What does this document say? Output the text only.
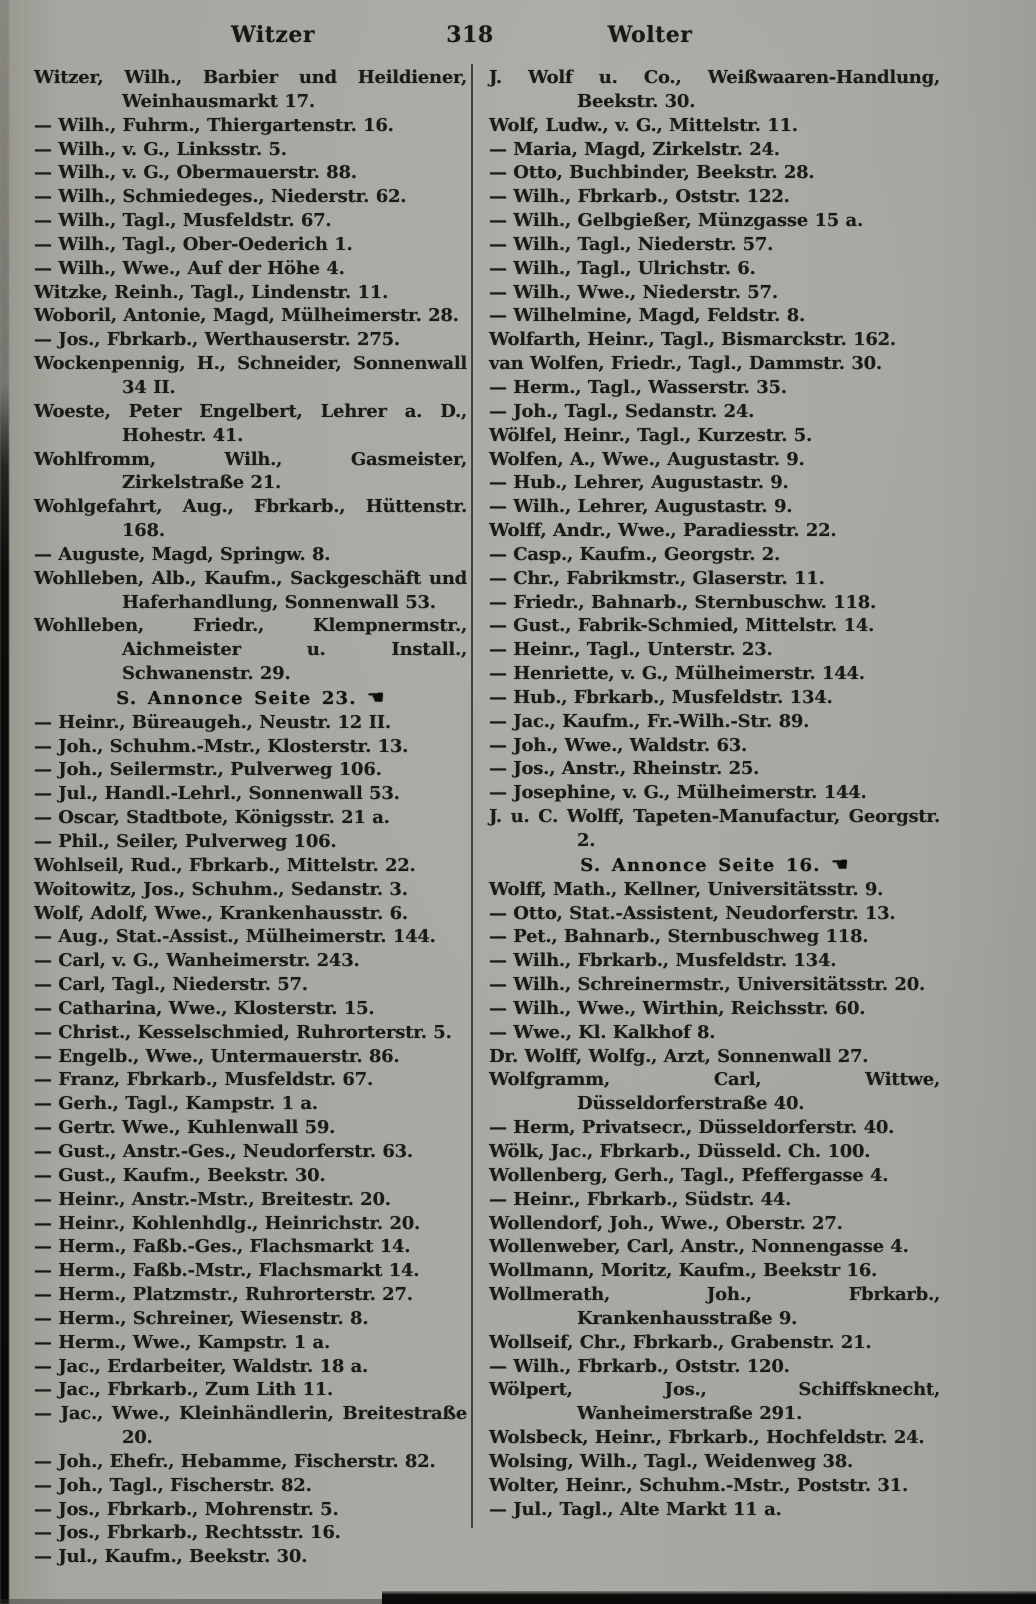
Witzer	318	Wolter
Witzer, Wilh., Barbier und Heildiener, Weinhausmarkt 17.
— Wilh., Fuhrm., Thiergartenstr. 16.
— Wilh., v. G., Linksstr. 5.
— Wilh., v. G., Obermauerstr. 88.
— Wilh., Schmiedeges., Niederstr. 62.
— Wilh., Tagl., Musfeldstr. 67.
— Wilh., Tagl., Ober-Oederich 1.
— Wilh., Wwe., Auf der Höhe 4.
Witzke, Reinh., Tagl., Lindenstr. 11.
Woboril, Antonie, Magd, Mülheimerstr. 28.
— Jos., Fbrkarb., Werthauserstr. 275.
Wockenpennig, H., Schneider, Sonnenwall 34 II.
Woeste, Peter Engelbert, Lehrer a. D., Hohestr. 41.
Wohlfromm, Wilh., Gasmeister, Zirkelstraße 21.
Wohlgefahrt, Aug., Fbrkarb., Hüttenstr. 168.
— Auguste, Magd, Springw. 8.
Wohlleben, Alb., Kaufm., Sackgeschäft und Haferhandlung, Sonnenwall 53.
Wohlleben, Friedr., Klempnermstr., Aichmeister u. Install., Schwanenstr. 29.
S. Annonce Seite 23. ☚
— Heinr., Büreaugeh., Neustr. 12 II.
— Joh., Schuhm.-Mstr., Klosterstr. 13.
— Joh., Seilermstr., Pulverweg 106.
— Jul., Handl.-Lehrl., Sonnenwall 53.
— Oscar, Stadtbote, Königsstr. 21 a.
— Phil., Seiler, Pulverweg 106.
Wohlseil, Rud., Fbrkarb., Mittelstr. 22.
Woitowitz, Jos., Schuhm., Sedanstr. 3.
Wolf, Adolf, Wwe., Krankenhausstr. 6.
— Aug., Stat.-Assist., Mülheimerstr. 144.
— Carl, v. G., Wanheimerstr. 243.
— Carl, Tagl., Niederstr. 57.
— Catharina, Wwe., Klosterstr. 15.
— Christ., Kesselschmied, Ruhrorterstr. 5.
— Engelb., Wwe., Untermauerstr. 86.
— Franz, Fbrkarb., Musfeldstr. 67.
— Gerh., Tagl., Kampstr. 1 a.
— Gertr. Wwe., Kuhlenwall 59.
— Gust., Anstr.-Ges., Neudorferstr. 63.
— Gust., Kaufm., Beekstr. 30.
— Heinr., Anstr.-Mstr., Breitestr. 20.
— Heinr., Kohlenhdlg., Heinrichstr. 20.
— Herm., Faßb.-Ges., Flachsmarkt 14.
— Herm., Faßb.-Mstr., Flachsmarkt 14.
— Herm., Platzmstr., Ruhrorterstr. 27.
— Herm., Schreiner, Wiesenstr. 8.
— Herm., Wwe., Kampstr. 1 a.
— Jac., Erdarbeiter, Waldstr. 18 a.
— Jac., Fbrkarb., Zum Lith 11.
— Jac., Wwe., Kleinhändlerin, Breitestraße 20.
— Joh., Ehefr., Hebamme, Fischerstr. 82.
— Joh., Tagl., Fischerstr. 82.
— Jos., Fbrkarb., Mohrenstr. 5.
— Jos., Fbrkarb., Rechtsstr. 16.
— Jul., Kaufm., Beekstr. 30.
J. Wolf u. Co., Weißwaaren-Handlung, Beekstr. 30.
Wolf, Ludw., v. G., Mittelstr. 11.
— Maria, Magd, Zirkelstr. 24.
— Otto, Buchbinder, Beekstr. 28.
— Wilh., Fbrkarb., Oststr. 122.
— Wilh., Gelbgießer, Münzgasse 15 a.
— Wilh., Tagl., Niederstr. 57.
— Wilh., Tagl., Ulrichstr. 6.
— Wilh., Wwe., Niederstr. 57.
— Wilhelmine, Magd, Feldstr. 8.
Wolfarth, Heinr., Tagl., Bismarckstr. 162.
van Wolfen, Friedr., Tagl., Dammstr. 30.
— Herm., Tagl., Wasserstr. 35.
— Joh., Tagl., Sedanstr. 24.
Wölfel, Heinr., Tagl., Kurzestr. 5.
Wolfen, A., Wwe., Augustastr. 9.
— Hub., Lehrer, Augustastr. 9.
— Wilh., Lehrer, Augustastr. 9.
Wolff, Andr., Wwe., Paradiesstr. 22.
— Casp., Kaufm., Georgstr. 2.
— Chr., Fabrikmstr., Glaserstr. 11.
— Friedr., Bahnarb., Sternbuschw. 118.
— Gust., Fabrik-Schmied, Mittelstr. 14.
— Heinr., Tagl., Unterstr. 23.
— Henriette, v. G., Mülheimerstr. 144.
— Hub., Fbrkarb., Musfeldstr. 134.
— Jac., Kaufm., Fr.-Wilh.-Str. 89.
— Joh., Wwe., Waldstr. 63.
— Jos., Anstr., Rheinstr. 25.
— Josephine, v. G., Mülheimerstr. 144.
J. u. C. Wolff, Tapeten-Manufactur, Georgstr. 2.
S. Annonce Seite 16. ☚
Wolff, Math., Kellner, Universitätsstr. 9.
— Otto, Stat.-Assistent, Neudorferstr. 13.
— Pet., Bahnarb., Sternbuschweg 118.
— Wilh., Fbrkarb., Musfeldstr. 134.
— Wilh., Schreinermstr., Universitätsstr. 20.
— Wilh., Wwe., Wirthin, Reichsstr. 60.
— Wwe., Kl. Kalkhof 8.
Dr. Wolff, Wolfg., Arzt, Sonnenwall 27.
Wolfgramm, Carl, Wittwe, Düsseldorferstraße 40.
— Herm, Privatsecr., Düsseldorferstr. 40.
Wölk, Jac., Fbrkarb., Düsseld. Ch. 100.
Wollenberg, Gerh., Tagl., Pfeffergasse 4.
— Heinr., Fbrkarb., Südstr. 44.
Wollendorf, Joh., Wwe., Oberstr. 27.
Wollenweber, Carl, Anstr., Nonnengasse 4.
Wollmann, Moritz, Kaufm., Beekstr 16.
Wollmerath, Joh., Fbrkarb., Krankenhausstraße 9.
Wollseif, Chr., Fbrkarb., Grabenstr. 21.
— Wilh., Fbrkarb., Oststr. 120.
Wölpert, Jos., Schiffsknecht, Wanheimerstraße 291.
Wolsbeck, Heinr., Fbrkarb., Hochfeldstr. 24.
Wolsing, Wilh., Tagl., Weidenweg 38.
Wolter, Heinr., Schuhm.-Mstr., Poststr. 31.
— Jul., Tagl., Alte Markt 11 a.
